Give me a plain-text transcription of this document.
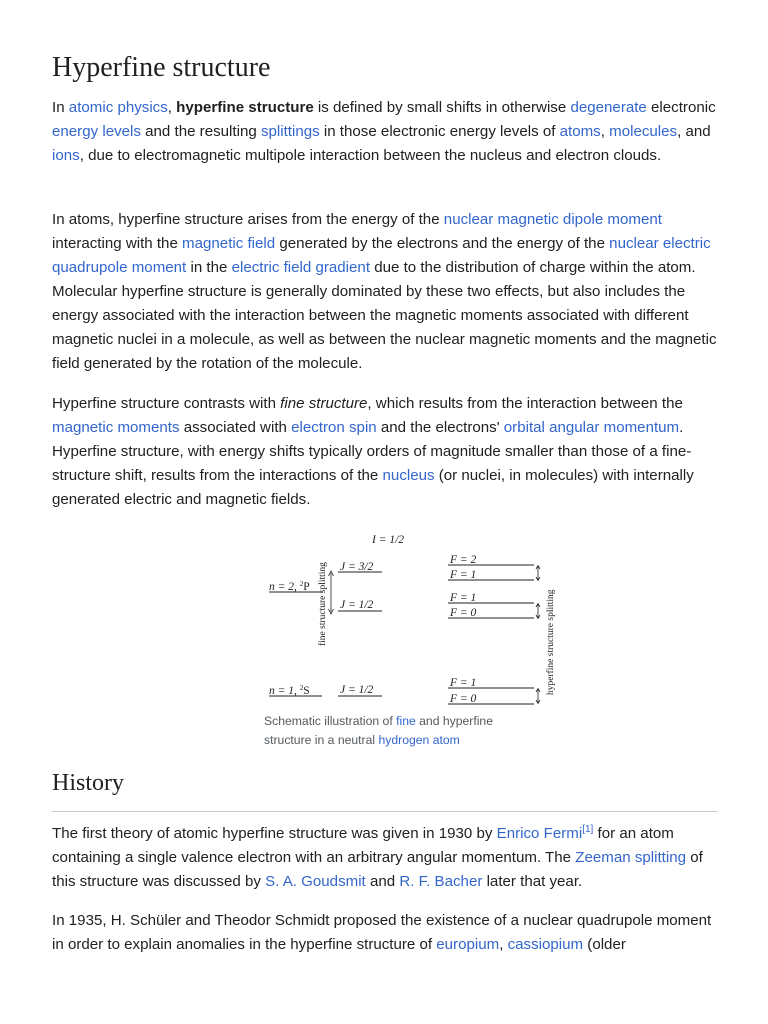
Hyperfine structure

In atomic physics, hyperfine structure is defined by small shifts in otherwise degenerate electronic energy levels and the resulting splittings in those electronic energy levels of atoms, molecules, and ions, due to electromagnetic multipole interaction between the nucleus and electron clouds.

In atoms, hyperfine structure arises from the energy of the nuclear magnetic dipole moment interacting with the magnetic field generated by the electrons and the energy of the nuclear electric quadrupole moment in the electric field gradient due to the distribution of charge within the atom. Molecular hyperfine structure is generally dominated by these two effects, but also includes the energy associated with the interaction between the magnetic moments associated with different magnetic nuclei in a molecule, as well as between the nuclear magnetic moments and the magnetic field generated by the rotation of the molecule.

Hyperfine structure contrasts with fine structure, which results from the interaction between the magnetic moments associated with electron spin and the electrons' orbital angular momentum. Hyperfine structure, with energy shifts typically orders of magnitude smaller than those of a fine-structure shift, results from the interactions of the nucleus (or nuclei, in molecules) with internally generated electric and magnetic fields.

I = 1/2
n = 2, $^2$P fine structure splitting J = 3/2
J = 1/2
F = 2
F = 1
F = 1
F = 0	hyperfine structure splitting
n = 1, $^2$S	J = 1/2
F = 1
F = 0
Schematic illustration of fine and hyperfine structure in a neutral hydrogen atom
History

The first theory of atomic hyperfine structure was given in 1930 by Enrico Fermi[1] for an atom containing a single valence electron with an arbitrary angular momentum. The Zeeman splitting of this structure was discussed by S. A. Goudsmit and R. F. Bacher later that year.

In 1935, H. Schüler and Theodor Schmidt proposed the existence of a nuclear quadrupole moment in order to explain anomalies in the hyperfine structure of europium, cassiopium (older
